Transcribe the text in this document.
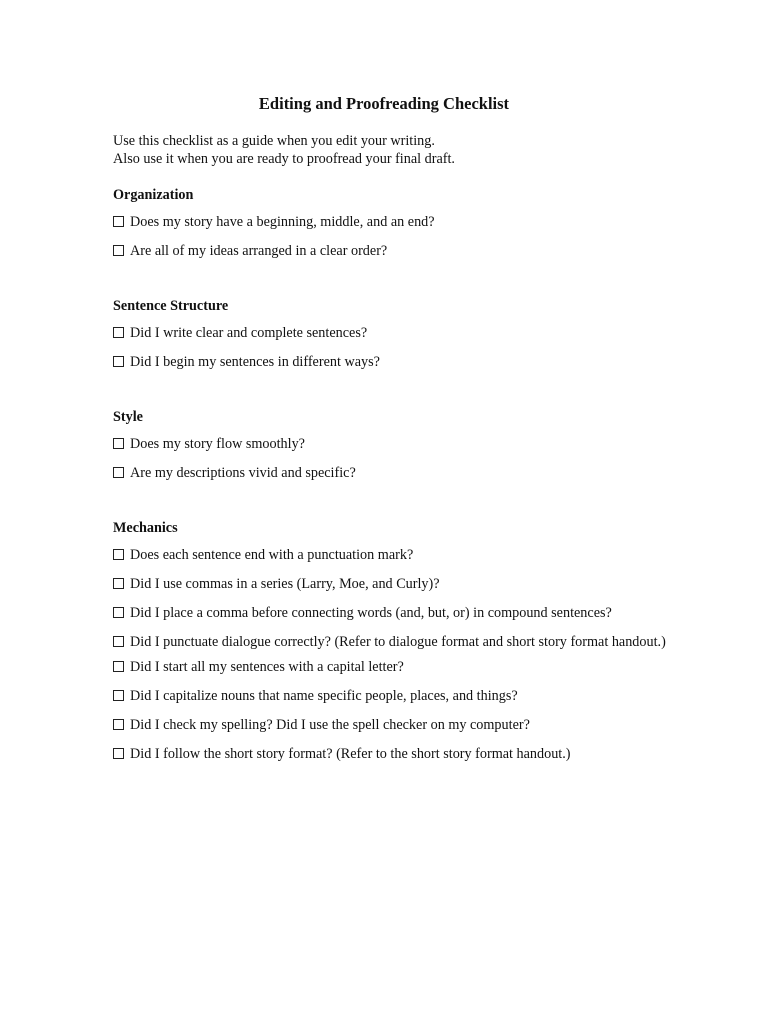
Editing and Proofreading Checklist
Use this checklist as a guide when you edit your writing.
Also use it when you are ready to proofread your final draft.
Organization
Does my story have a beginning, middle, and an end?
Are all of my ideas arranged in a clear order?
Sentence Structure
Did I write clear and complete sentences?
Did I begin my sentences in different ways?
Style
Does my story flow smoothly?
Are my descriptions vivid and specific?
Mechanics
Does each sentence end with a punctuation mark?
Did I use commas in a series (Larry, Moe, and Curly)?
Did I place a comma before connecting words (and, but, or) in compound sentences?
Did I punctuate dialogue correctly? (Refer to dialogue format and short story format handout.)
Did I start all my sentences with a capital letter?
Did I capitalize nouns that name specific people, places, and things?
Did I check my spelling? Did I use the spell checker on my computer?
Did I follow the short story format? (Refer to the short story format handout.)
